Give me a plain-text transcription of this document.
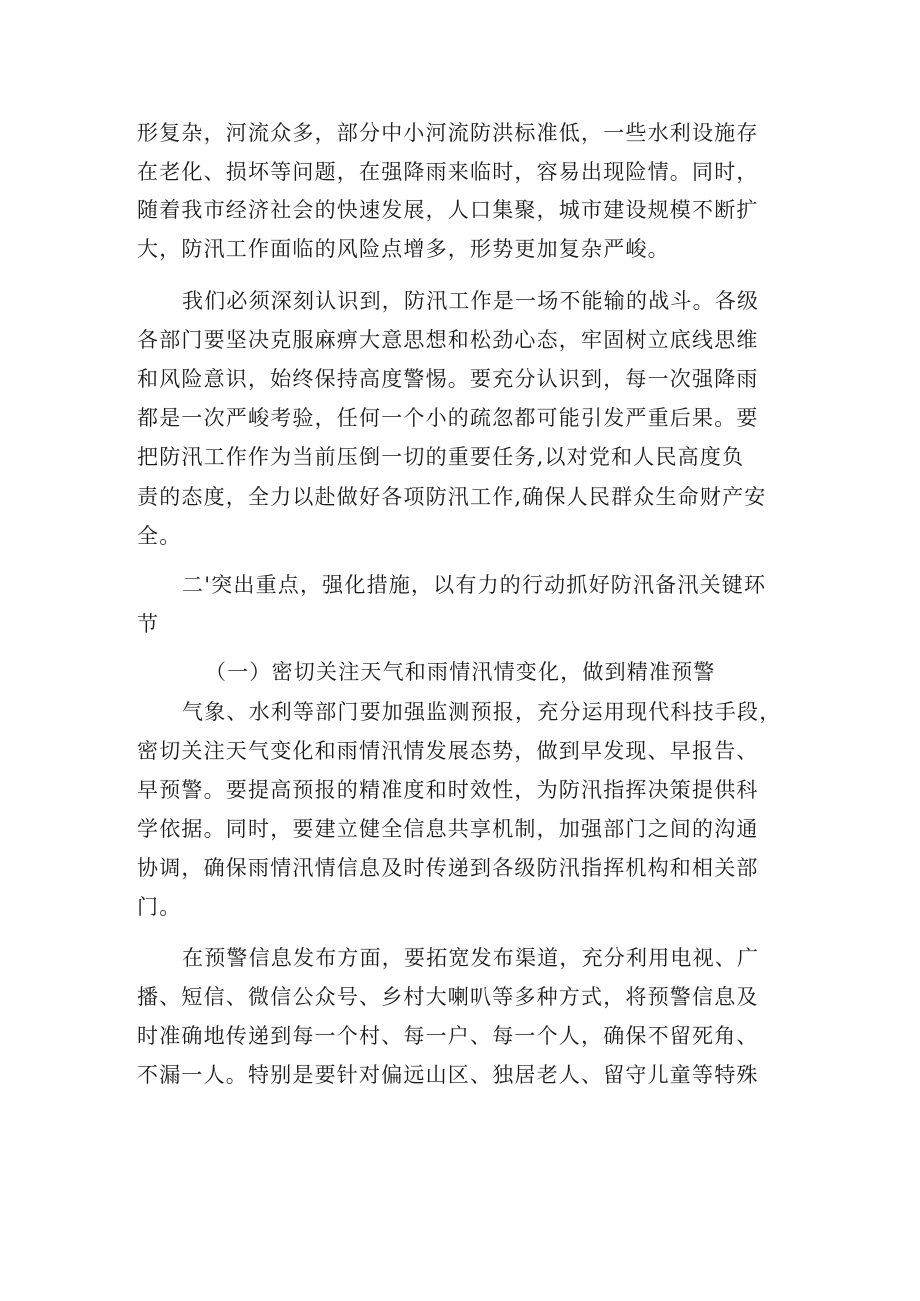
形复杂，河流众多，部分中小河流防洪标准低，一些水利设施存
在老化、损坏等问题，在强降雨来临时，容易出现险情。同时，
随着我市经济社会的快速发展，人口集聚，城市建设规模不断扩
大，防汛工作面临的风险点增多，形势更加复杂严峻。
我们必须深刻认识到，防汛工作是一场不能输的战斗。各级
各部门要坚决克服麻痹大意思想和松劲心态，牢固树立底线思维
和风险意识，始终保持高度警惕。要充分认识到，每一次强降雨
都是一次严峻考验，任何一个小的疏忽都可能引发严重后果。要
把防汛工作作为当前压倒一切的重要任务,以对党和人民高度负
责的态度，全力以赴做好各项防汛工作,确保人民群众生命财产安
全。
二'突出重点，强化措施，以有力的行动抓好防汛备汛关键环
节
（一）密切关注天气和雨情汛情变化，做到精准预警
气象、水利等部门要加强监测预报，充分运用现代科技手段，
密切关注天气变化和雨情汛情发展态势，做到早发现、早报告、
早预警。要提高预报的精准度和时效性，为防汛指挥决策提供科
学依据。同时，要建立健全信息共享机制，加强部门之间的沟通
协调，确保雨情汛情信息及时传递到各级防汛指挥机构和相关部
门。
在预警信息发布方面，要拓宽发布渠道，充分利用电视、广
播、短信、微信公众号、乡村大喇叭等多种方式，将预警信息及
时准确地传递到每一个村、每一户、每一个人，确保不留死角、
不漏一人。特别是要针对偏远山区、独居老人、留守儿童等特殊
